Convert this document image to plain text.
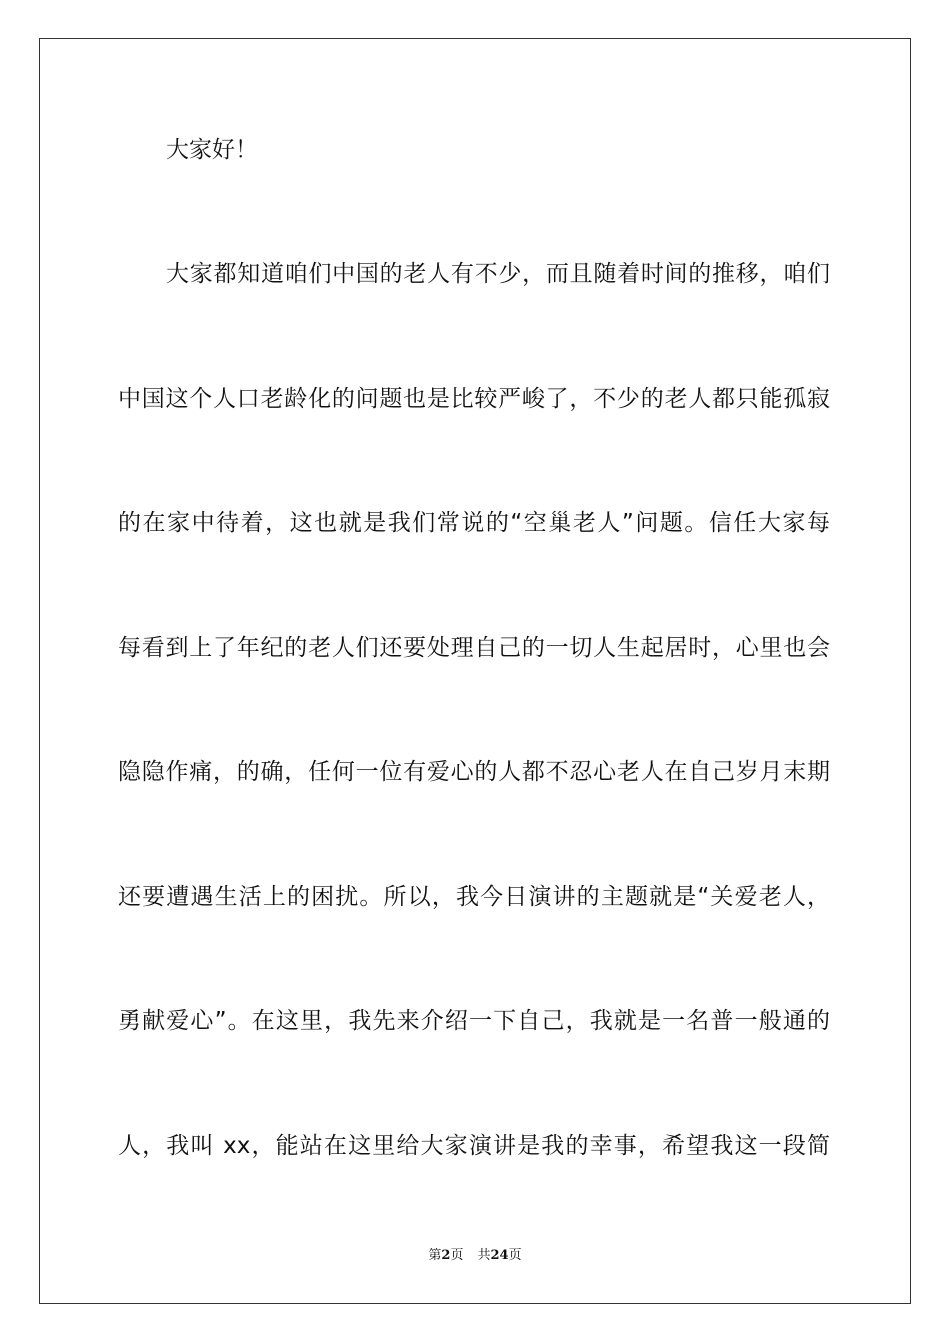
大家好！
大家都知道咱们中国的老人有不少，而且随着时间的推移，咱们
中国这个人口老龄化的问题也是比较严峻了，不少的老人都只能孤寂
的在家中待着，这也就是我们常说的“空巢老人”问题。信任大家每
每看到上了年纪的老人们还要处理自己的一切人生起居时，心里也会
隐隐作痛，的确，任何一位有爱心的人都不忍心老人在自己岁月末期
还要遭遇生活上的困扰。所以，我今日演讲的主题就是“关爱老人，
勇献爱心”。在这里，我先来介绍一下自己，我就是一名普一般通的
人，我叫 xx，能站在这里给大家演讲是我的幸事，希望我这一段简
第2页 共24页
